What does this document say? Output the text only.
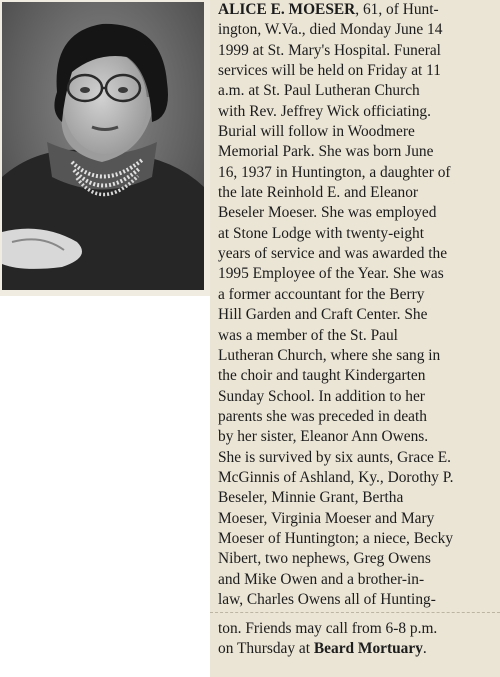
ALICE E. MOESER, 61, of Hunt-
ington, W.Va., died Monday June 14
1999 at St. Mary's Hospital. Funeral
services will be held on Friday at 11
a.m. at St. Paul Lutheran Church
with Rev. Jeffrey Wick officiating.
Burial will follow in Woodmere
Memorial Park. She was born June
16, 1937 in Huntington, a daughter of
the late Reinhold E. and Eleanor
Beseler Moeser. She was employed
at Stone Lodge with twenty-eight
years of service and was awarded the
1995 Employee of the Year. She was
a former accountant for the Berry
Hill Garden and Craft Center. She
was a member of the St. Paul
Lutheran Church, where she sang in
the choir and taught Kindergarten
Sunday School. In addition to her
parents she was preceded in death
by her sister, Eleanor Ann Owens.
She is survived by six aunts, Grace E.
McGinnis of Ashland, Ky., Dorothy P.
Beseler, Minnie Grant, Bertha
Moeser, Virginia Moeser and Mary
Moeser of Huntington; a niece, Becky
Nibert, two nephews, Greg Owens
and Mike Owen and a brother-in-
law, Charles Owens all of Hunting-
ton. Friends may call from 6-8 p.m.
on Thursday at Beard Mortuary.
